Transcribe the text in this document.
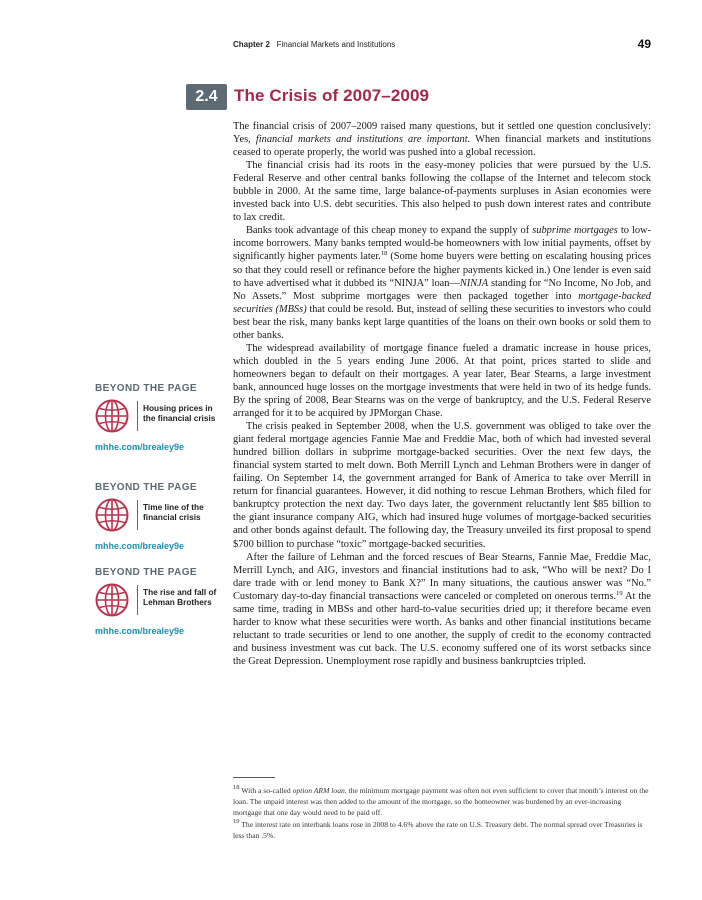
Chapter 2 Financial Markets and Institutions	49
2.4 The Crisis of 2007–2009

The financial crisis of 2007–2009 raised many questions, but it settled one question conclusively: Yes, financial markets and institutions are important. When financial markets and institutions ceased to operate properly, the world was pushed into a global recession.

The financial crisis had its roots in the easy-money policies that were pursued by the U.S. Federal Reserve and other central banks following the collapse of the Internet and telecom stock bubble in 2000. At the same time, large balance-of-payments surpluses in Asian economies were invested back into U.S. debt securities. This also helped to push down interest rates and contribute to lax credit.

Banks took advantage of this cheap money to expand the supply of subprime mortgages to low-income borrowers. Many banks tempted would-be homeowners with low initial payments, offset by significantly higher payments later.$^{18}$ (Some home buyers were betting on escalating housing prices so that they could resell or refinance before the higher payments kicked in.) One lender is even said to have advertised what it dubbed its “NINJA” loan—NINJA standing for “No Income, No Job, and No Assets.” Most subprime mortgages were then packaged together into mortgage-backed securities (MBSs) that could be resold. But, instead of selling these securities to investors who could best bear the risk, many banks kept large quantities of the loans on their own books or sold them to other banks.

The widespread availability of mortgage finance fueled a dramatic increase in house prices, which doubled in the 5 years ending June 2006. At that point, prices started to slide and homeowners began to default on their mortgages. A year later, Bear Stearns, a large investment bank, announced huge losses on the mortgage investments that were held in two of its hedge funds. By the spring of 2008, Bear Stearns was on the verge of bankruptcy, and the U.S. Federal Reserve arranged for it to be acquired by JPMorgan Chase.

The crisis peaked in September 2008, when the U.S. government was obliged to take over the giant federal mortgage agencies Fannie Mae and Freddie Mac, both of which had invested several hundred billion dollars in subprime mortgage-backed securities. Over the next few days, the financial system started to melt down. Both Merrill Lynch and Lehman Brothers were in danger of failing. On September 14, the government arranged for Bank of America to take over Merrill in return for financial guarantees. However, it did nothing to rescue Lehman Brothers, which filed for bankruptcy protection the next day. Two days later, the government reluctantly lent $85 billion to the giant insurance company AIG, which had insured huge volumes of mortgage-backed securities and other bonds against default. The following day, the Treasury unveiled its first proposal to spend $700 billion to purchase “toxic” mortgage-backed securities.

After the failure of Lehman and the forced rescues of Bear Stearns, Fannie Mae, Freddie Mac, Merrill Lynch, and AIG, investors and financial institutions had to ask, “Who will be next? Do I dare trade with or lend money to Bank X?” In many situations, the cautious answer was “No.” Customary day-to-day financial transactions were canceled or completed on onerous terms.$^{19}$ At the same time, trading in MBSs and other hard-to-value securities dried up; it therefore became even harder to know what these securities were worth. As banks and other financial institutions became reluctant to trade securities or lend to one another, the supply of credit to the economy contracted and business investment was cut back. The U.S. economy suffered one of its worst setbacks since the Great Depression. Unemployment rose rapidly and business bankruptcies tripled.

BEYOND THE PAGE
Housing prices in the financial crisis
mhhe.com/brealey9e
BEYOND THE PAGE
Time line of the financial crisis
mhhe.com/brealey9e
BEYOND THE PAGE
The rise and fall of Lehman Brothers
mhhe.com/brealey9e

$^{18}$ With a so-called option ARM loan, the minimum mortgage payment was often not even sufficient to cover that month’s interest on the loan. The unpaid interest was then added to the amount of the mortgage, so the homeowner was burdened by an ever-increasing mortgage that one day would need to be paid off.

$^{19}$ The interest rate on interbank loans rose in 2008 to 4.6% above the rate on U.S. Treasury debt. The normal spread over Treasuries is less than .5%.
